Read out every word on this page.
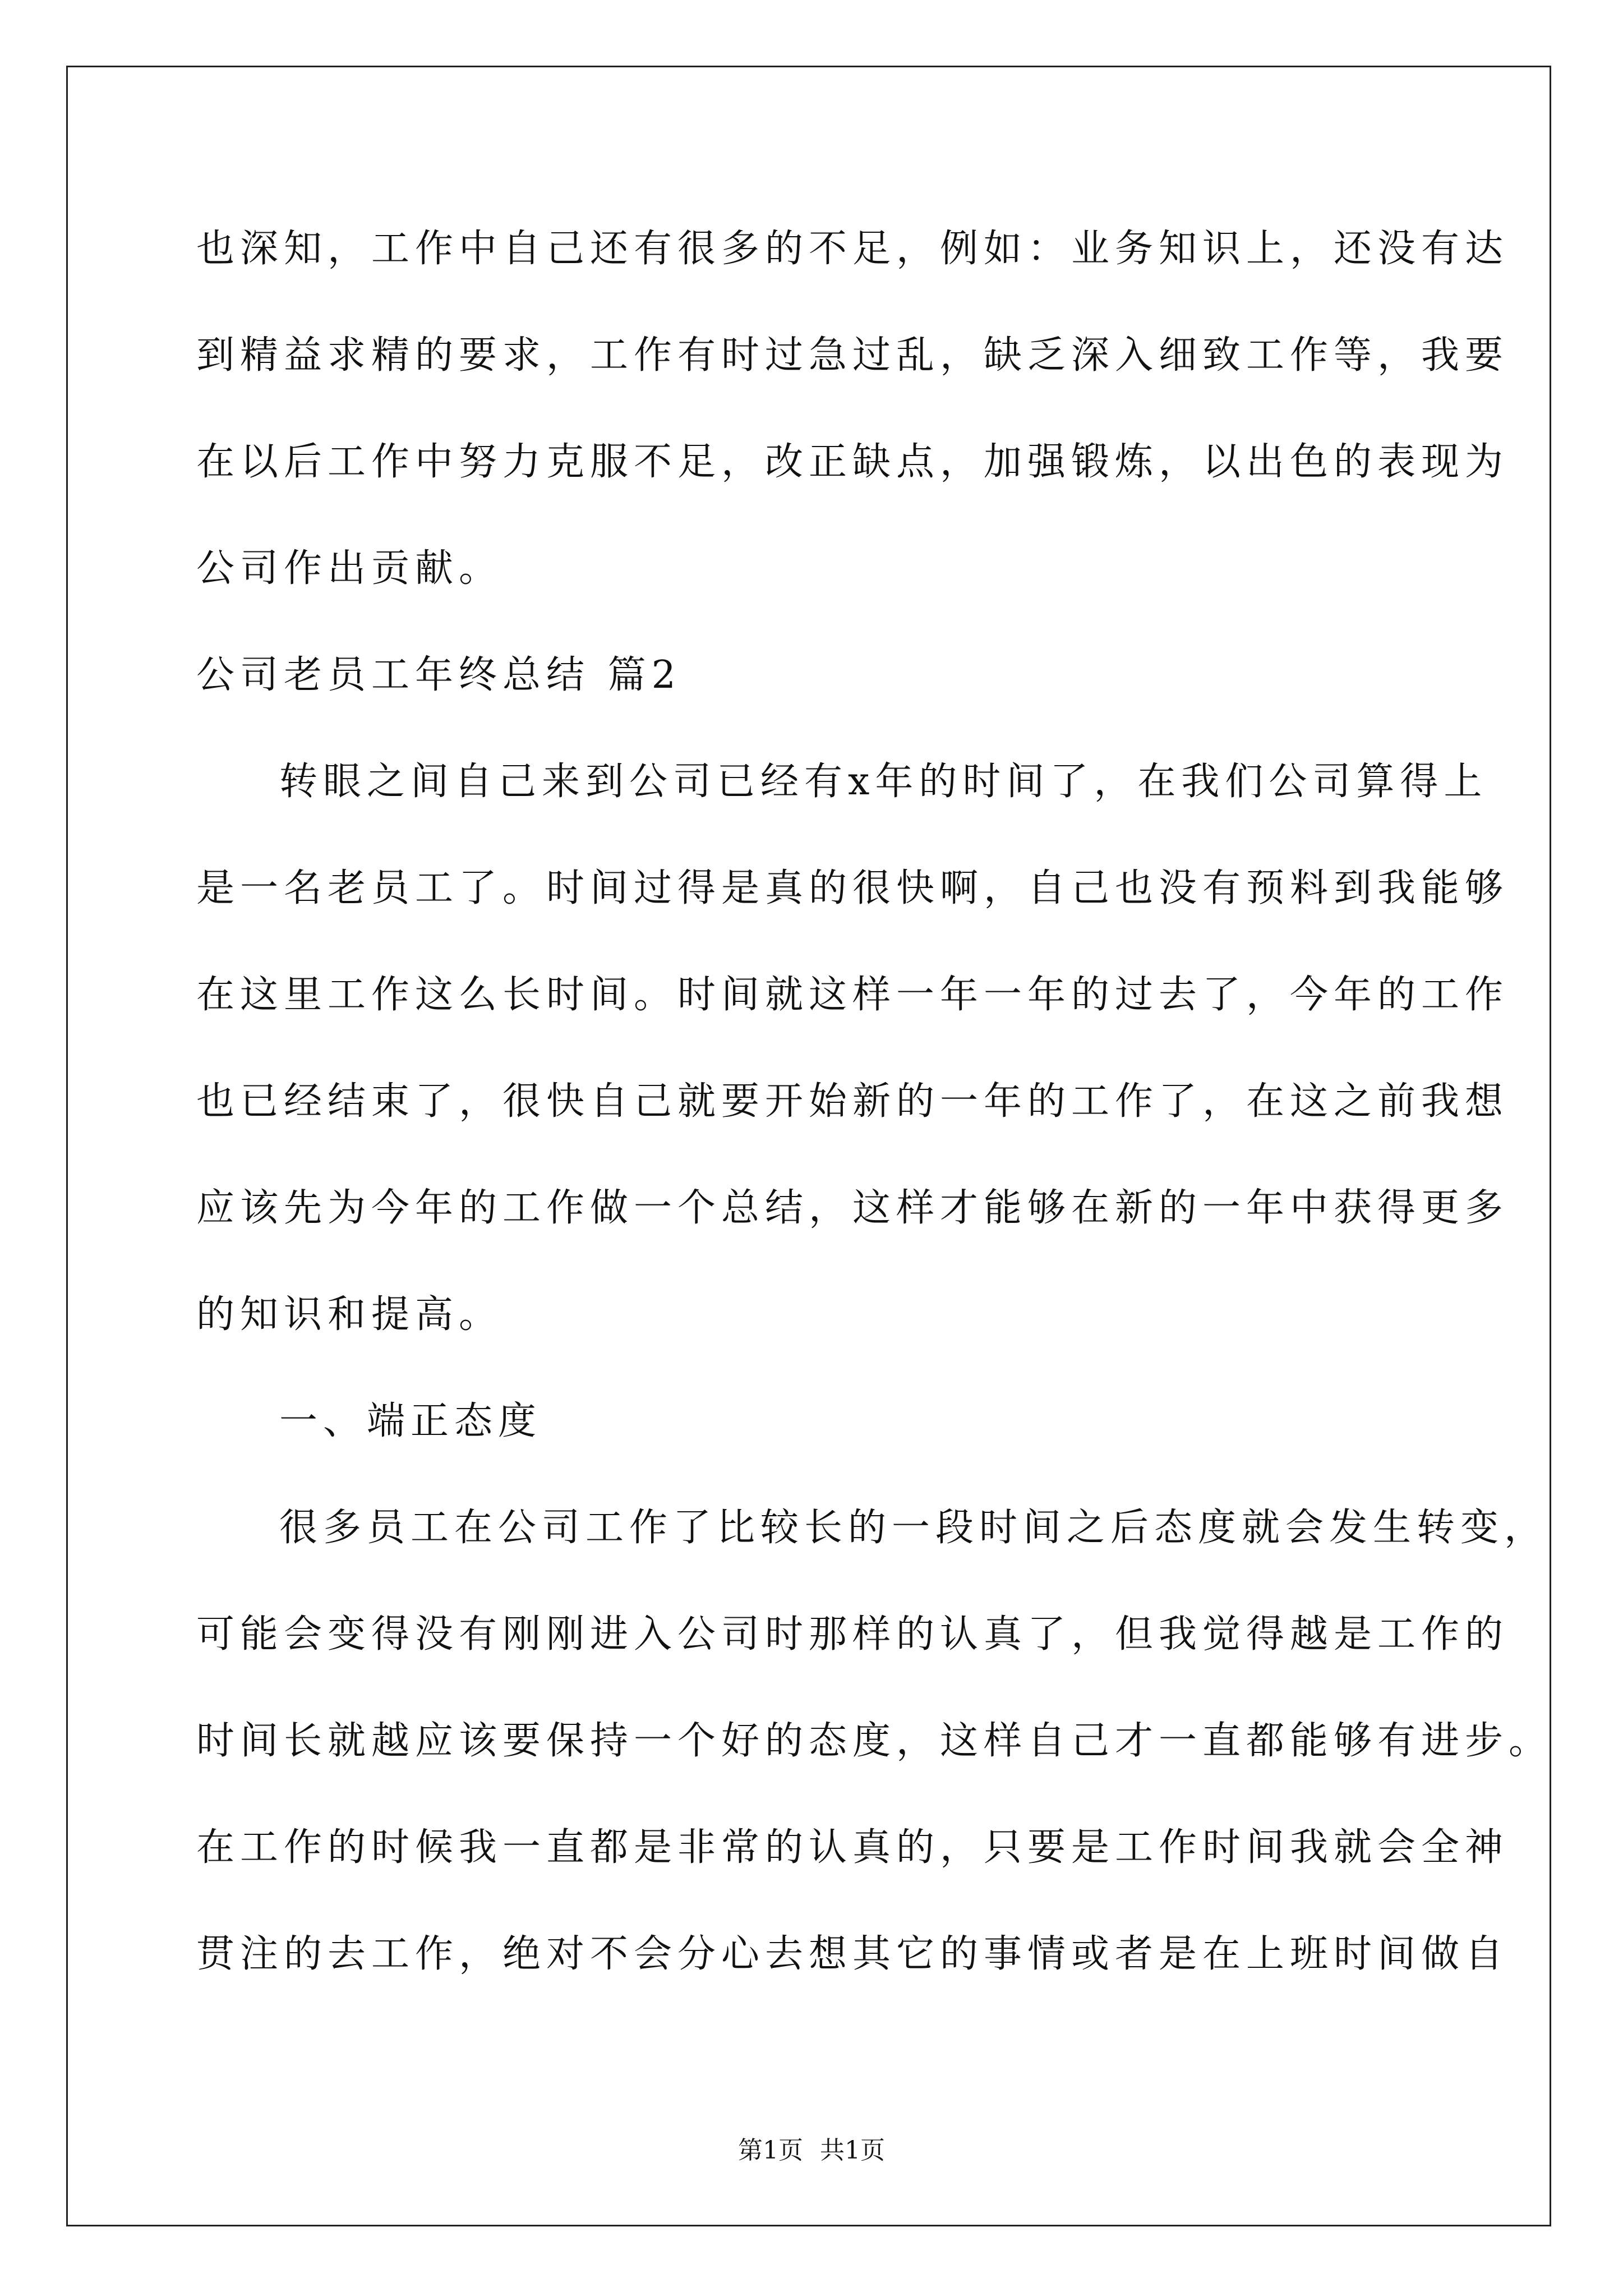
也深知，工作中自己还有很多的不足，例如：业务知识上，还没有达
到精益求精的要求，工作有时过急过乱，缺乏深入细致工作等，我要
在以后工作中努力克服不足，改正缺点，加强锻炼，以出色的表现为
公司作出贡献。
公司老员工年终总结 篇2
转眼之间自己来到公司已经有x年的时间了，在我们公司算得上
是一名老员工了。时间过得是真的很快啊，自己也没有预料到我能够
在这里工作这么长时间。时间就这样一年一年的过去了，今年的工作
也已经结束了，很快自己就要开始新的一年的工作了，在这之前我想
应该先为今年的工作做一个总结，这样才能够在新的一年中获得更多
的知识和提高。
一、端正态度
很多员工在公司工作了比较长的一段时间之后态度就会发生转变，
可能会变得没有刚刚进入公司时那样的认真了，但我觉得越是工作的
时间长就越应该要保持一个好的态度，这样自己才一直都能够有进步。
在工作的时候我一直都是非常的认真的，只要是工作时间我就会全神
贯注的去工作，绝对不会分心去想其它的事情或者是在上班时间做自
第1页 共1页
